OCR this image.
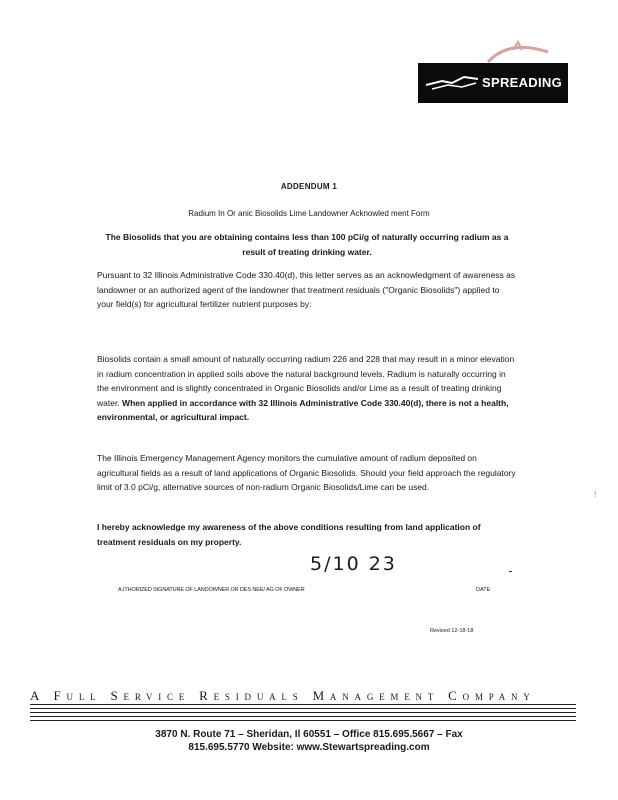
SPREADING
ADDENDUM 1
Radium In Or anic Biosolids Lime Landowner Acknowled ment Form
The Biosolids that you are obtaining contains less than 100 pCi/g of naturally occurring radium as a result of treating drinking water.
Pursuant to 32 Illinois Administrative Code 330.40(d), this letter serves as an acknowledgment of awareness as landowner or an authorized agent of the landowner that treatment residuals ("Organic Biosolids") applied to your field(s) for agricultural fertilizer nutrient purposes by:
Biosolids contain a small amount of naturally occurring radium 226 and 228 that may result in a minor elevation in radium concentration in applied soils above the natural background levels. Radium is naturally occurring in the environment and is slightly concentrated in Organic Biosolids and/or Lime as a result of treating drinking water. When applied in accordance with 32 Illinois Administrative Code 330.40(d), there is not a health, environmental, or agricultural impact.
The Illinois Emergency Management Agency monitors the cumulative amount of radium deposited on agricultural fields as a result of land applications of Organic Biosolids. Should your field approach the regulatory limit of 3.0 pCi/g, alternative sources of non-radium Organic Biosolids/Lime can be used.
I hereby acknowledge my awareness of the above conditions resulting from land application of treatment residuals on my property.
5/10 23
A.ITHORIZED SIGNATURE OF LANDOWNER OR DES NEE/ AG OF OWNER	DATE
Revised 12-18-18
!
A Full Service Residuals Management Company
3870 N. Route 71 – Sheridan, Il 60551 – Office 815.695.5667 – Fax
815.695.5770 Website: www.Stewartspreading.com
